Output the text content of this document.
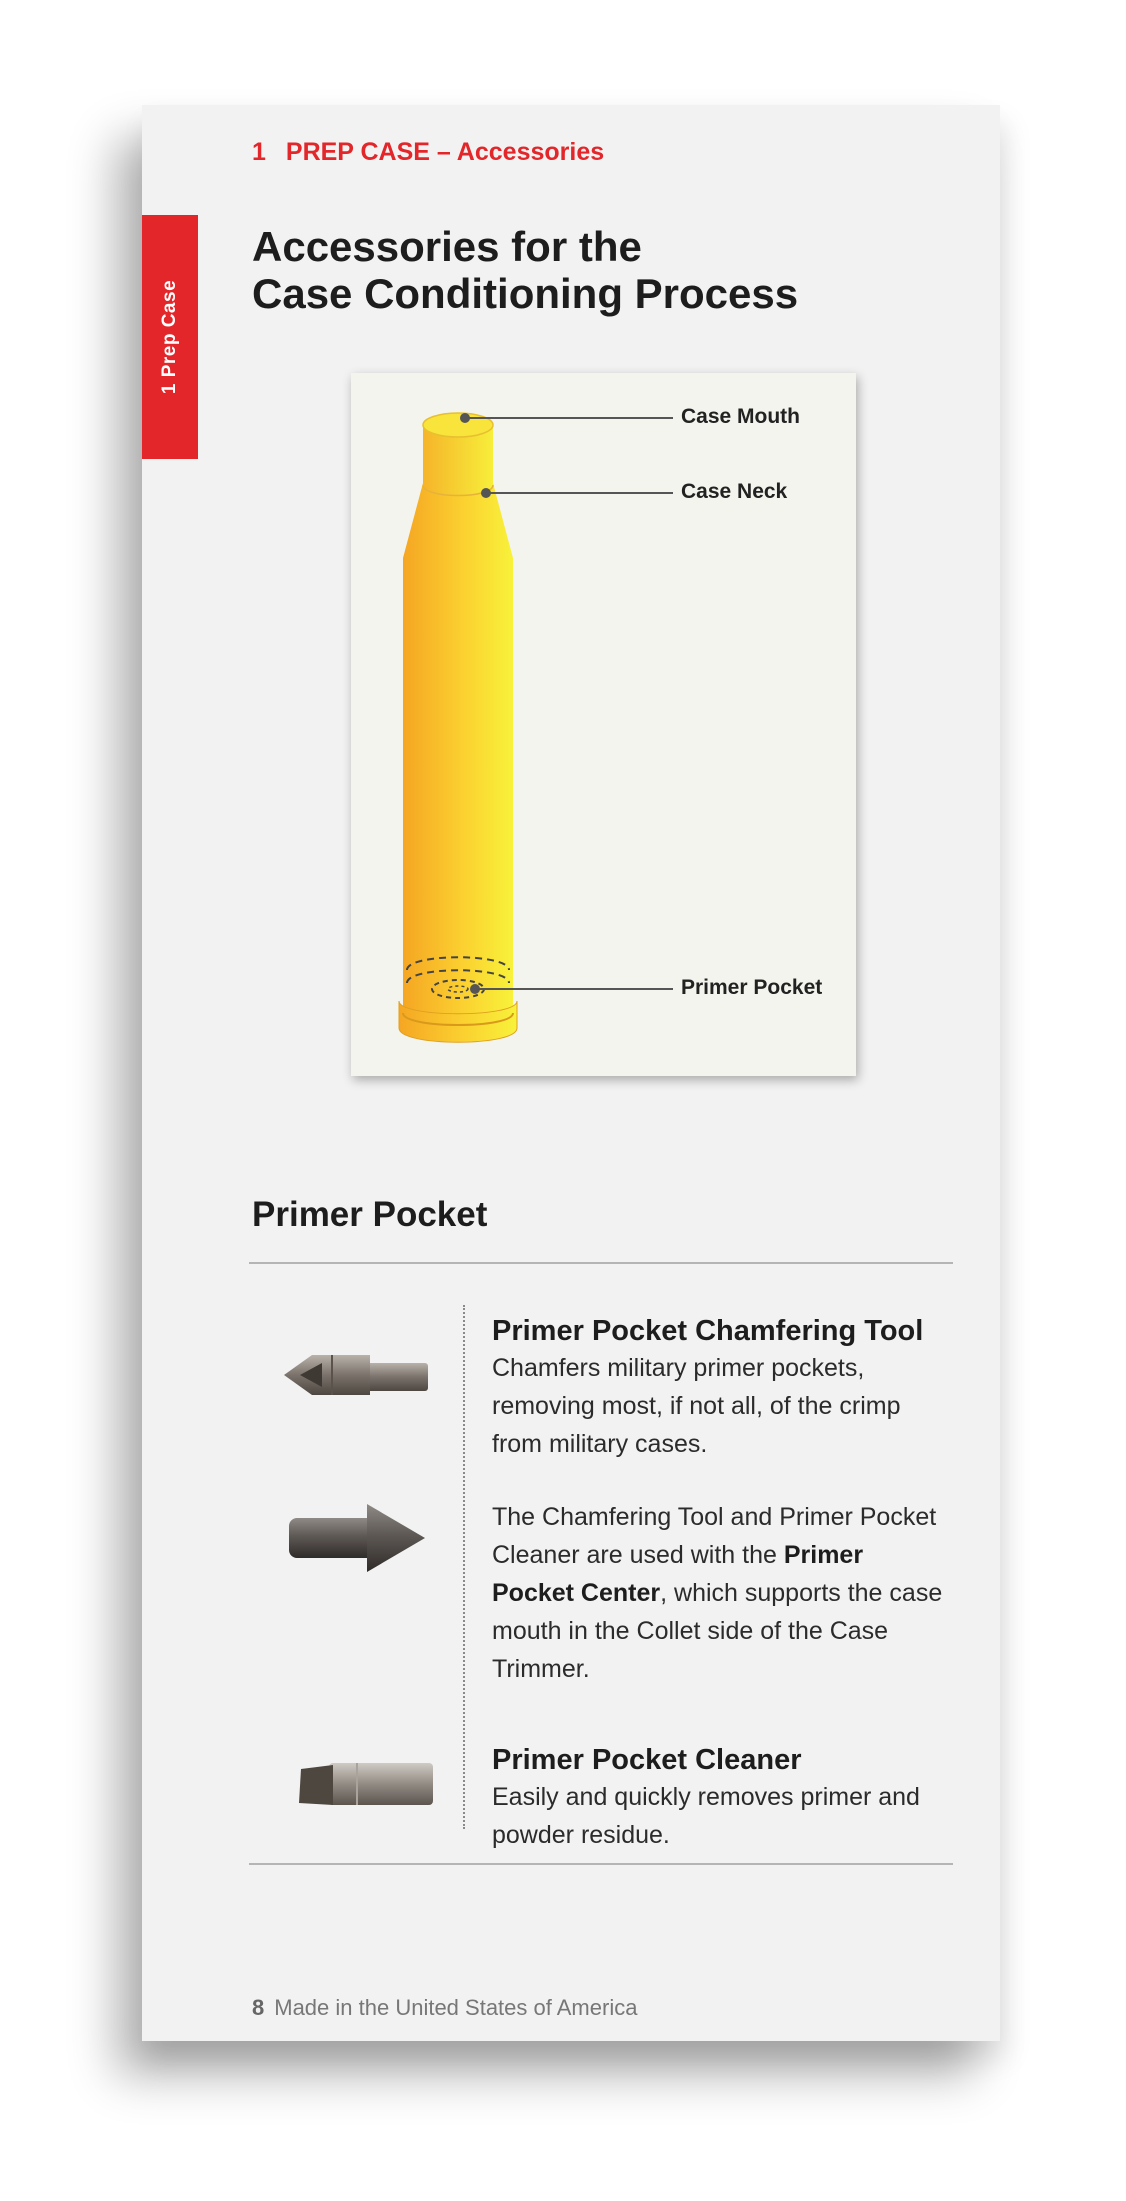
1 Prep Case
1 PREP CASE – Accessories
Accessories for the
Case Conditioning Process
Case Mouth
Case Neck
Primer Pocket
Primer Pocket
Primer Pocket Chamfering Tool
Chamfers military primer pockets, removing most, if not all, of the crimp from military cases.
The Chamfering Tool and Primer Pocket Cleaner are used with the Primer Pocket Center, which supports the case mouth in the Collet side of the Case Trimmer.
Primer Pocket Cleaner
Easily and quickly removes primer and powder residue.
8 Made in the United States of America
